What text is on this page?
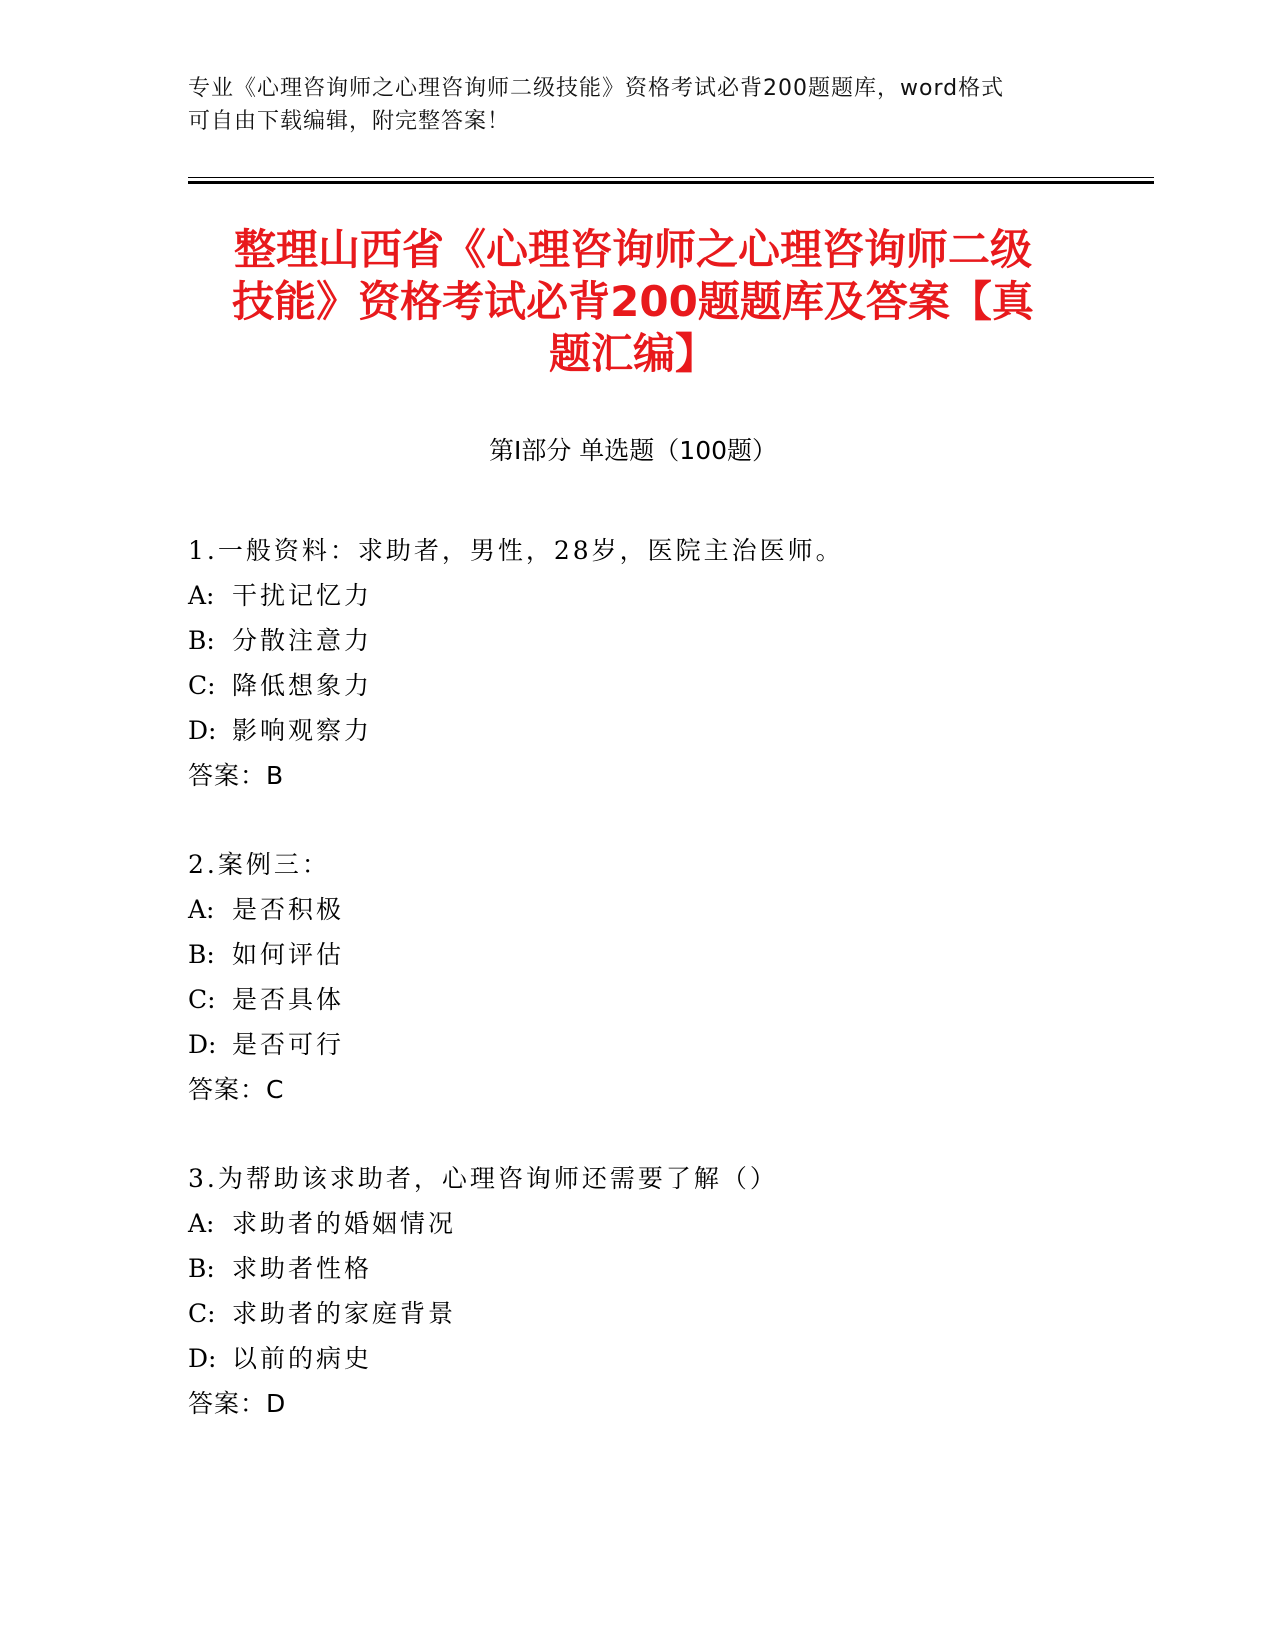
专业《心理咨询师之心理咨询师二级技能》资格考试必背200题题库，word格式
可自由下载编辑，附完整答案！
整理山西省《心理咨询师之心理咨询师二级
技能》资格考试必背200题题库及答案【真
题汇编】
第Ⅰ部分 单选题（100题）
1.一般资料：求助者，男性，28岁，医院主治医师。
A: 干扰记忆力
B: 分散注意力
C: 降低想象力
D: 影响观察力
答案：B
2.案例三：
A: 是否积极
B: 如何评估
C: 是否具体
D: 是否可行
答案：C
3.为帮助该求助者，心理咨询师还需要了解（）
A: 求助者的婚姻情况
B: 求助者性格
C: 求助者的家庭背景
D: 以前的病史
答案：D
